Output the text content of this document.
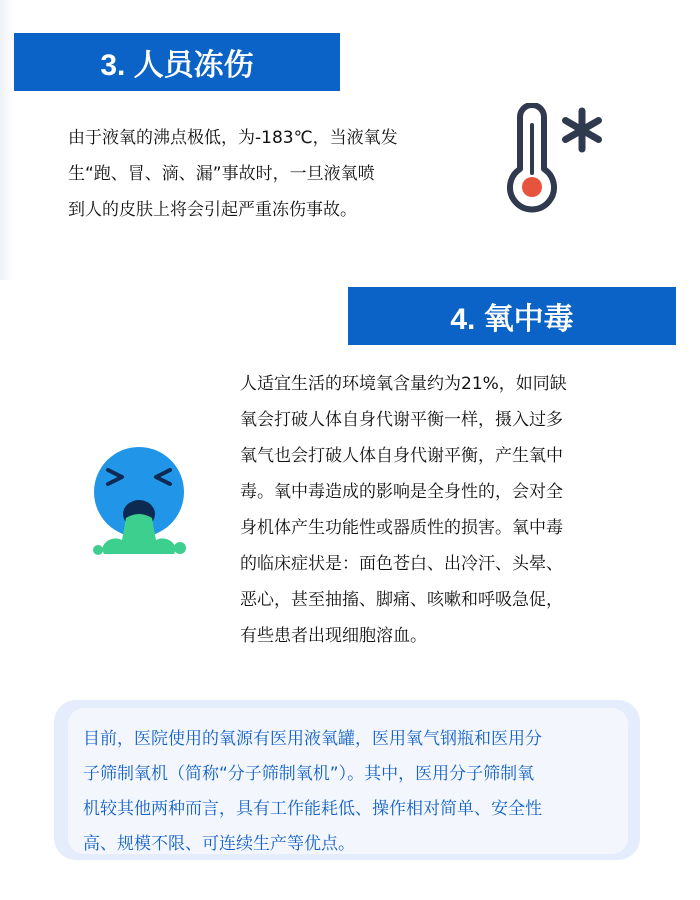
3. 人员冻伤

由于液氧的沸点极低，为-183℃，当液氧发
生“跑、冒、滴、漏”事故时，一旦液氧喷
到人的皮肤上将会引起严重冻伤事故。

4. 氧中毒

人适宜生活的环境氧含量约为21%，如同缺
氧会打破人体自身代谢平衡一样，摄入过多
氧气也会打破人体自身代谢平衡，产生氧中
毒。氧中毒造成的影响是全身性的，会对全
身机体产生功能性或器质性的损害。氧中毒
的临床症状是：面色苍白、出冷汗、头晕、
恶心，甚至抽搐、脚痛、咳嗽和呼吸急促，
有些患者出现细胞溶血。

目前，医院使用的氧源有医用液氧罐，医用氧气钢瓶和医用分
子筛制氧机（简称“分子筛制氧机”）。其中，医用分子筛制氧
机较其他两种而言，具有工作能耗低、操作相对简单、安全性
高、规模不限、可连续生产等优点。
